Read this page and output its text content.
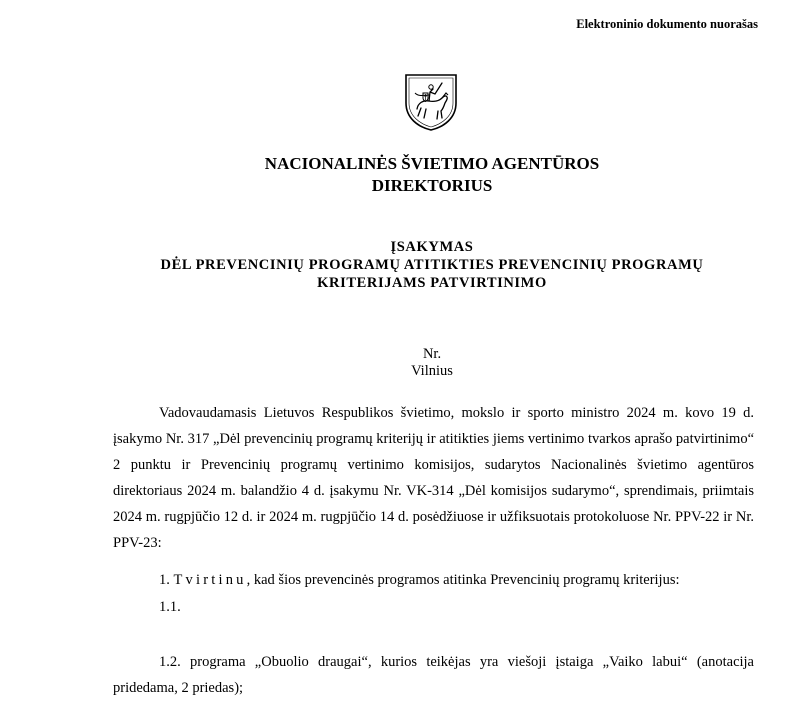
Elektroninio dokumento nuorašas
NACIONALINĖS ŠVIETIMO AGENTŪROS
DIREKTORIUS
ĮSAKYMAS
DĖL PREVENCINIŲ PROGRAMŲ ATITIKTIES PREVENCINIŲ PROGRAMŲ
KRITERIJAMS PATVIRTINIMO
Nr.
Vilnius

Vadovaudamasis Lietuvos Respublikos švietimo, mokslo ir sporto ministro 2024 m. kovo 19 d. įsakymo Nr. 317 „Dėl prevencinių programų kriterijų ir atitikties jiems vertinimo tvarkos aprašo patvirtinimo“ 2 punktu ir Prevencinių programų vertinimo komisijos, sudarytos Nacionalinės švietimo agentūros direktoriaus 2024 m. balandžio 4 d. įsakymu Nr. VK-314 „Dėl komisijos sudarymo“, sprendimais, priimtais 2024 m. rugpjūčio 12 d. ir 2024 m. rugpjūčio 14 d. posėdžiuose ir užfiksuotais protokoluose Nr. PPV-22 ir Nr. PPV-23:

1. Tvirtinu, kad šios prevencinės programos atitinka Prevencinių programų kriterijus:
1.1.
1.2. programa „Obuolio draugai“, kurios teikėjas yra viešoji įstaiga „Vaiko labui“ (anotacija pridedama, 2 priedas);
